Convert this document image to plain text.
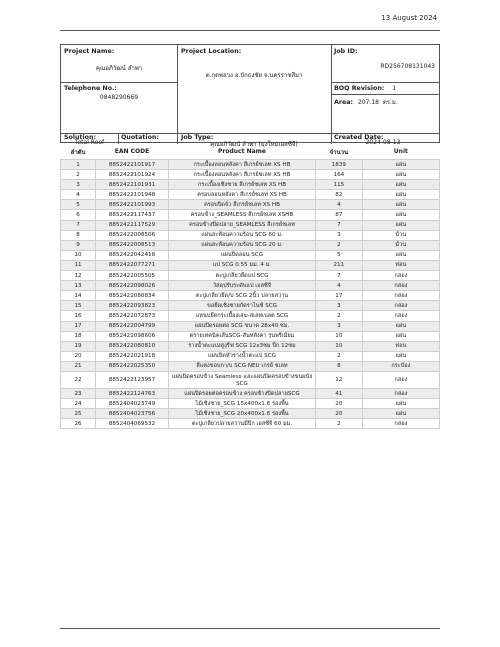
13 August 2024
Project Name:
คุณอภิวัฒน์ ลำพา
Project Location:
ต.กุดพลวง อ.ปักธงชัย จ.นครราชสีมา
Job ID:
RD256708131043
Telephone No.:
0848290669
BOQ Revision: 1
Area: 207.18 ตร.ม.
Solution:
Total Roof
Quotation:	Job Type:
คุณอภิวัฒน์ ลำพา (มุงใหม่เอสซีจี)
Created Date:
2024-08-13
ลำดับ	EAN CODE	Product Name	จำนวน	Unit
1	8852422101917	กระเบื้องลอนหลังคา สีเกรย์ชเลท XS HB	1839	แผ่น
2	8852422101924	กระเบื้องลอนหลังคา สีเกรย์ชเลท XS HB	164	แผ่น
3	8852422101931	กระเบื้องเชิงชาย สีเกรย์ชเลท XS HB	115	แผ่น
4	8852422101948	ครอบลอนหลังคา สีเกรย์ชเลท XS HB	82	แผ่น
5	8852422101993	ครอบปิดจั่ว สีเกรย์ชเลท XS HB	4	แผ่น
6	8852422117437	ครอบข้าง_SEAMLESS สีเกรย์ชเลท XSHB	87	แผ่น
7	8852422117529	ครอบข้างปิดปลาย_SEAMLESS สีเกรย์ชเลท	7	แผ่น
8	8852422008506	แผ่นสะท้อนความร้อน SCG 60 ม.	3	ม้วน
9	8852422008513	แผ่นสะท้อนความร้อน SCG 20 ม.	2	ม้วน
10	8852422042418	แผ่นปิดลอน SCG	5	แผ่น
11	8852422077271	แป SCG 0.55 มม. 4 ม.	211	ท่อน
12	8852422005505	ตะปูเกลียวยึดแป SCG	7	กล่อง
13	8852422098026	วัสดุปรับระดับแป เอสซีจี	4	กล่อง
14	8852422080834	ตะปูเกลียวยึด/บ SCG 2นิ้ว ปลายสว่าน	17	กล่อง
15	8852422093823	ขอยึดเชิงชายกัดราไนซ์ SCG	3	กล่อง
16	8852422072873	แหนบยึดกระเบื้องเสฆ-สเลทเบลต SCG	2	กล่อง
17	8852422004799	แผ่นปิดรอยต่อ SCG ขนาด 28x40 ซม.	3	แผ่น
18	8852422098606	ตรายเทคนิคเส้นSCG-สันหลังคา รุ่นพรีเมียม	10	แผ่น
19	8852422080810	รางน้ำตะแบ่งสูงุรีฟ SCG 12x3ซม ปีก 12ซม	10	ท่อน
20	8852422021918	แผ่นปิดหัวรางน้ำตะแบ่ SCG	2	แผ่น
21	8852422025350	สีแต่งขอบกา/บ SCG NEU เกรย์ ชเลท	8	กระป๋อง
22	8852422123957	แผ่นปิดครอบข้าง Seamless และแผ่นปิดครอบข้างขนผนัง SCG	12	กล่อง
23	8852422124763	แผ่นปิดรอยต่อครอบข้าง ครอบข้างปิดปลายSCG	41	กล่อง
24	8852404023749	ไม้เชิงชาย_SCG 15x400x1.6 ร่องพื้น	20	แผ่น
25	8852404023756	ไม้เชิงชาย_SCG 20x400x1.6 ร่องพื้น	20	แผ่น
26	8852404069532	ตะปูเกลียวปลายสว่านมีปีก เอสซีจี 60 มม.	2	กล่อง
